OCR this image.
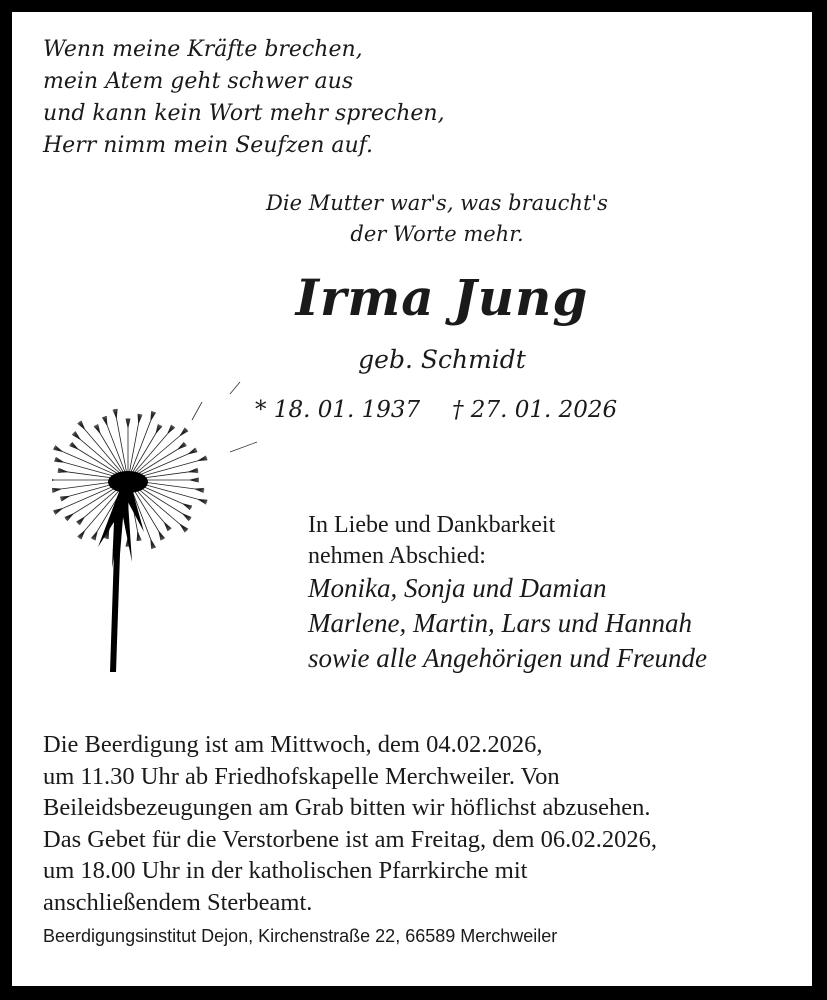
Wenn meine Kräfte brechen,
mein Atem geht schwer aus
und kann kein Wort mehr sprechen,
Herr nimm mein Seufzen auf.
Die Mutter war's, was braucht's
der Worte mehr.
Irma Jung
geb. Schmidt
* 18. 01. 1937 † 27. 01. 2026
In Liebe und Dankbarkeit
nehmen Abschied:
Monika, Sonja und Damian
Marlene, Martin, Lars und Hannah
sowie alle Angehörigen und Freunde
Die Beerdigung ist am Mittwoch, dem 04.02.2026,
um 11.30 Uhr ab Friedhofskapelle Merchweiler. Von
Beileidsbezeugungen am Grab bitten wir höflichst abzusehen.
Das Gebet für die Verstorbene ist am Freitag, dem 06.02.2026,
um 18.00 Uhr in der katholischen Pfarrkirche mit
anschließendem Sterbeamt.
Beerdigungsinstitut Dejon, Kirchenstraße 22, 66589 Merchweiler
